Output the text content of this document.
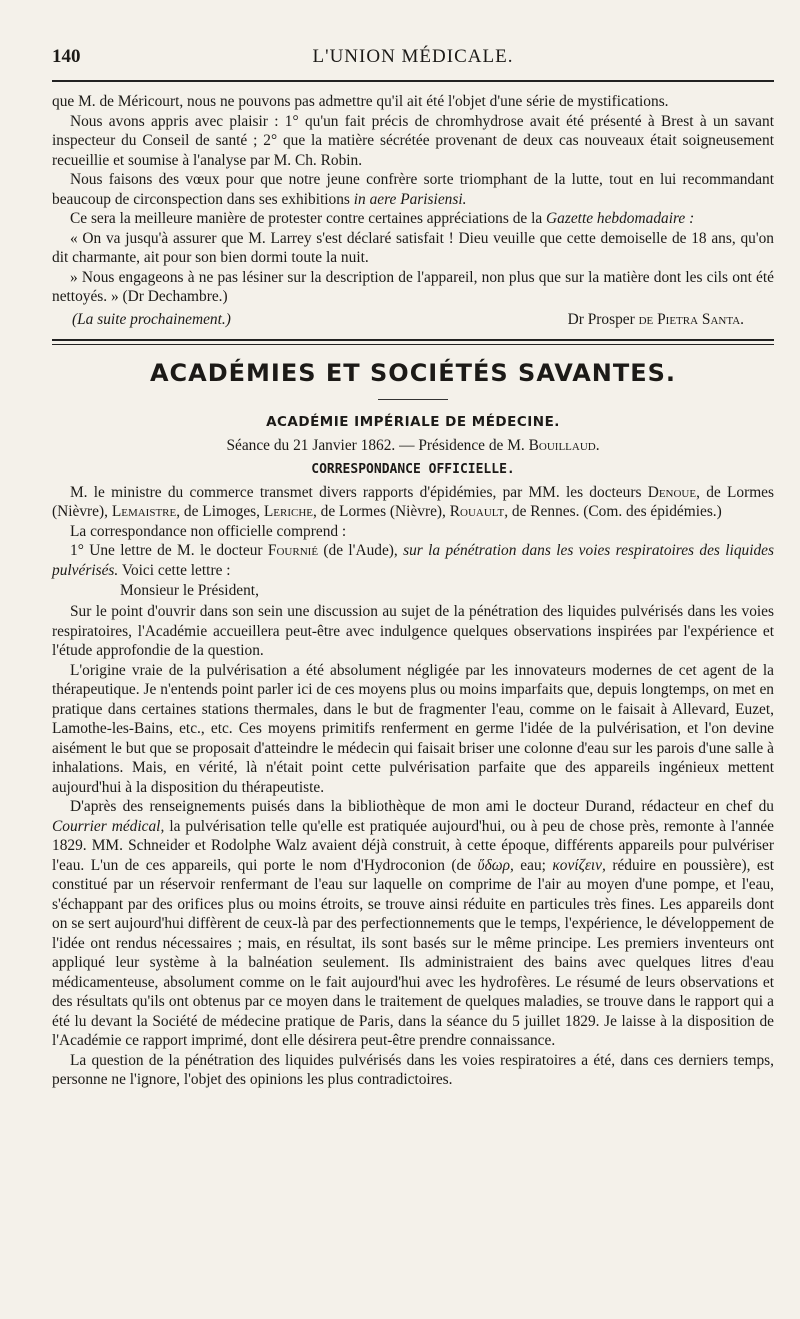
140	L'UNION MÉDICALE.

que M. de Méricourt, nous ne pouvons pas admettre qu'il ait été l'objet d'une série de mystifications.

Nous avons appris avec plaisir : 1° qu'un fait précis de chromhydrose avait été présenté à Brest à un savant inspecteur du Conseil de santé ; 2° que la matière sécrétée provenant de deux cas nouveaux était soigneusement recueillie et soumise à l'analyse par M. Ch. Robin.

Nous faisons des vœux pour que notre jeune confrère sorte triomphant de la lutte, tout en lui recommandant beaucoup de circonspection dans ses exhibitions in aere Parisiensi.

Ce sera la meilleure manière de protester contre certaines appréciations de la Gazette hebdomadaire :

« On va jusqu'à assurer que M. Larrey s'est déclaré satisfait ! Dieu veuille que cette demoiselle de 18 ans, qu'on dit charmante, ait pour son bien dormi toute la nuit.

» Nous engageons à ne pas lésiner sur la description de l'appareil, non plus que sur la matière dont les cils ont été nettoyés. » (Dr Dechambre.)

(La suite prochainement.)	Dr Prosper de Pietra Santa.
ACADÉMIES ET SOCIÉTÉS SAVANTES.
ACADÉMIE IMPÉRIALE DE MÉDECINE.
Séance du 21 Janvier 1862. — Présidence de M. Bouillaud.
CORRESPONDANCE OFFICIELLE.

M. le ministre du commerce transmet divers rapports d'épidémies, par MM. les docteurs Denoue, de Lormes (Nièvre), Lemaistre, de Limoges, Leriche, de Lormes (Nièvre), Rouault, de Rennes. (Com. des épidémies.)

La correspondance non officielle comprend :

1° Une lettre de M. le docteur Fournié (de l'Aude), sur la pénétration dans les voies respiratoires des liquides pulvérisés. Voici cette lettre :

Monsieur le Président,

Sur le point d'ouvrir dans son sein une discussion au sujet de la pénétration des liquides pulvérisés dans les voies respiratoires, l'Académie accueillera peut-être avec indulgence quelques observations inspirées par l'expérience et l'étude approfondie de la question.

L'origine vraie de la pulvérisation a été absolument négligée par les innovateurs modernes de cet agent de la thérapeutique. Je n'entends point parler ici de ces moyens plus ou moins imparfaits que, depuis longtemps, on met en pratique dans certaines stations thermales, dans le but de fragmenter l'eau, comme on le faisait à Allevard, Euzet, Lamothe-les-Bains, etc., etc. Ces moyens primitifs renferment en germe l'idée de la pulvérisation, et l'on devine aisément le but que se proposait d'atteindre le médecin qui faisait briser une colonne d'eau sur les parois d'une salle à inhalations. Mais, en vérité, là n'était point cette pulvérisation parfaite que des appareils ingénieux mettent aujourd'hui à la disposition du thérapeutiste.

D'après des renseignements puisés dans la bibliothèque de mon ami le docteur Durand, rédacteur en chef du Courrier médical, la pulvérisation telle qu'elle est pratiquée aujourd'hui, ou à peu de chose près, remonte à l'année 1829. MM. Schneider et Rodolphe Walz avaient déjà construit, à cette époque, différents appareils pour pulvériser l'eau. L'un de ces appareils, qui porte le nom d'Hydroconion (de ὕδωρ, eau; κονίζειν, réduire en poussière), est constitué par un réservoir renfermant de l'eau sur laquelle on comprime de l'air au moyen d'une pompe, et l'eau, s'échappant par des orifices plus ou moins étroits, se trouve ainsi réduite en particules très fines. Les appareils dont on se sert aujourd'hui diffèrent de ceux-là par des perfectionnements que le temps, l'expérience, le développement de l'idée ont rendus nécessaires ; mais, en résultat, ils sont basés sur le même principe. Les premiers inventeurs ont appliqué leur système à la balnéation seulement. Ils administraient des bains avec quelques litres d'eau médicamenteuse, absolument comme on le fait aujourd'hui avec les hydrofères. Le résumé de leurs observations et des résultats qu'ils ont obtenus par ce moyen dans le traitement de quelques maladies, se trouve dans le rapport qui a été lu devant la Société de médecine pratique de Paris, dans la séance du 5 juillet 1829. Je laisse à la disposition de l'Académie ce rapport imprimé, dont elle désirera peut-être prendre connaissance.

La question de la pénétration des liquides pulvérisés dans les voies respiratoires a été, dans ces derniers temps, personne ne l'ignore, l'objet des opinions les plus contradictoires.
